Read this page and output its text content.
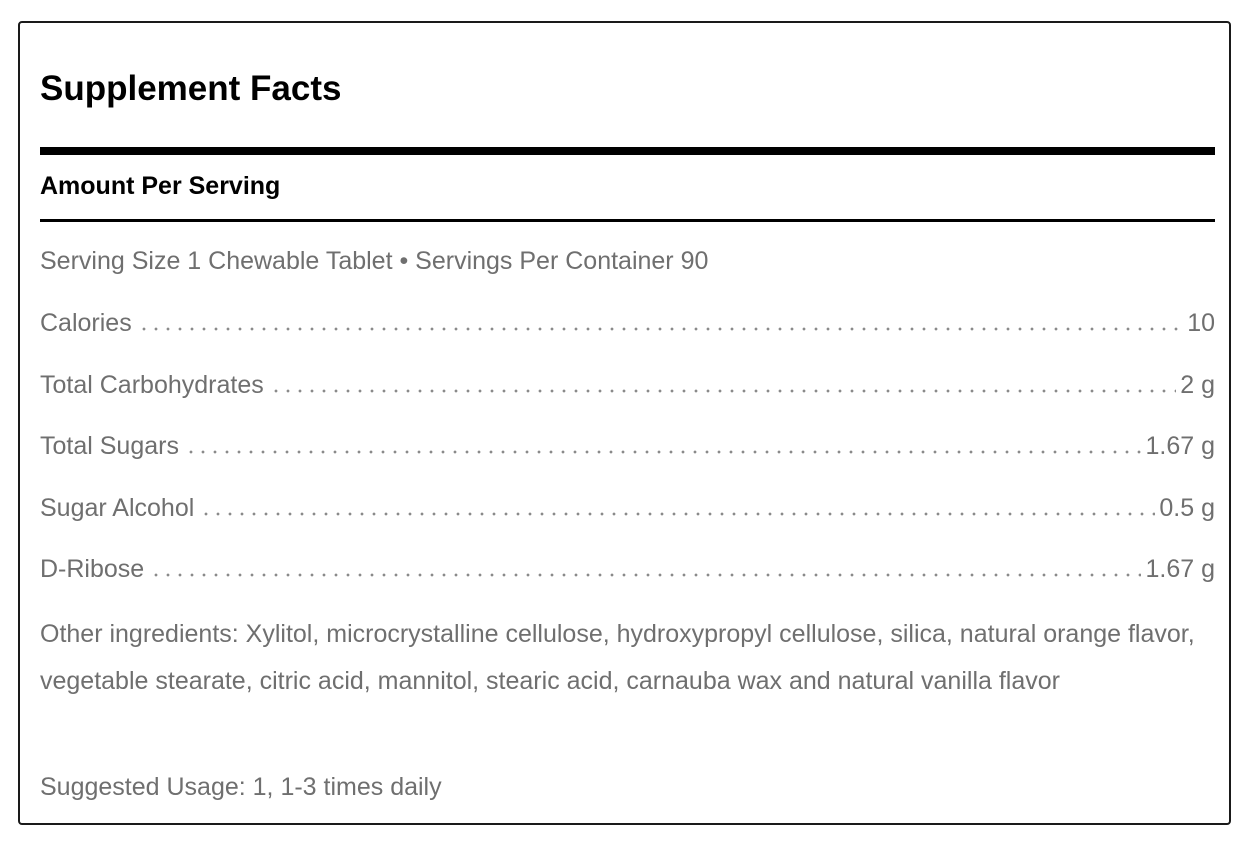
Supplement Facts
Amount Per Serving
Serving Size 1 Chewable Tablet • Servings Per Container 90
Calories	10
Total Carbohydrates	2 g
Total Sugars	1.67 g
Sugar Alcohol	0.5 g
D-Ribose	1.67 g

Other ingredients: Xylitol, microcrystalline cellulose, hydroxypropyl cellulose, silica, natural orange flavor, vegetable stearate, citric acid, mannitol, stearic acid, carnauba wax and natural vanilla flavor

Suggested Usage: 1, 1-3 times daily
